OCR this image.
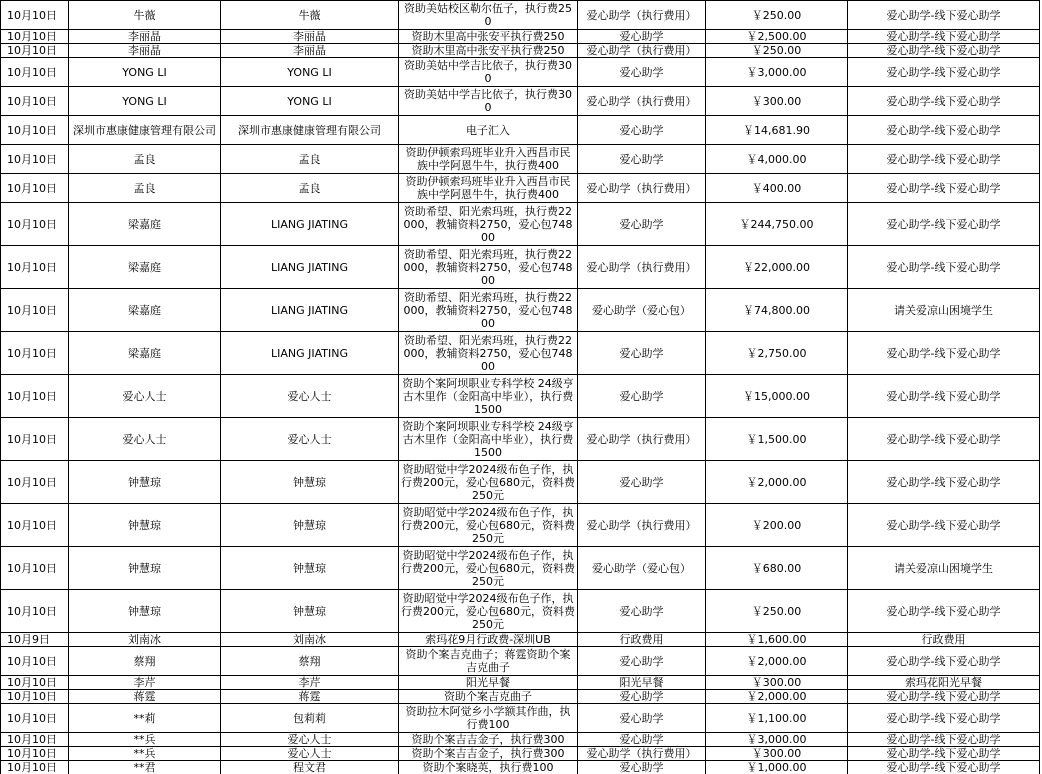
10月10日	牛薇	牛薇	资助美姑校区勒尔伍子，执行费250	爱心助学（执行费用）	￥250.00	爱心助学-线下爱心助学
10月10日	李丽晶	李丽晶	资助木里高中张安平执行费250	爱心助学	￥2,500.00	爱心助学-线下爱心助学
10月10日	李丽晶	李丽晶	资助木里高中张安平执行费250	爱心助学（执行费用）	￥250.00	爱心助学-线下爱心助学
10月10日	YONG LI	YONG LI	资助美姑中学吉比依子，执行费300	爱心助学	￥3,000.00	爱心助学-线下爱心助学
10月10日	YONG LI	YONG LI	资助美姑中学吉比依子，执行费300	爱心助学（执行费用）	￥300.00	爱心助学-线下爱心助学
10月10日	深圳市惠康健康管理有限公司	深圳市惠康健康管理有限公司	电子汇入	爱心助学	￥14,681.90	爱心助学-线下爱心助学
10月10日	孟良	孟良	资助伊顿索玛班毕业升入西昌市民族中学阿恩牛牛，执行费400	爱心助学	￥4,000.00	爱心助学-线下爱心助学
10月10日	孟良	孟良	资助伊顿索玛班毕业升入西昌市民族中学阿恩牛牛，执行费400	爱心助学（执行费用）	￥400.00	爱心助学-线下爱心助学
10月10日	梁嘉庭	LIANG JIATING	资助希望、阳光索玛班，执行费22000，教辅资料2750，爱心包74800	爱心助学	￥244,750.00	爱心助学-线下爱心助学
10月10日	梁嘉庭	LIANG JIATING	资助希望、阳光索玛班，执行费22000，教辅资料2750，爱心包74800	爱心助学（执行费用）	￥22,000.00	爱心助学-线下爱心助学
10月10日	梁嘉庭	LIANG JIATING	资助希望、阳光索玛班，执行费22000，教辅资料2750，爱心包74800	爱心助学（爱心包）	￥74,800.00	请关爱凉山困境学生
10月10日	梁嘉庭	LIANG JIATING	资助希望、阳光索玛班，执行费22000，教辅资料2750，爱心包74800	爱心助学	￥2,750.00	爱心助学-线下爱心助学
10月10日	爱心人士	爱心人士	资助个案阿坝职业专科学校 24级亨古木里作（金阳高中毕业），执行费1500	爱心助学	￥15,000.00	爱心助学-线下爱心助学
10月10日	爱心人士	爱心人士	资助个案阿坝职业专科学校 24级亨古木里作（金阳高中毕业），执行费1500	爱心助学（执行费用）	￥1,500.00	爱心助学-线下爱心助学
10月10日	钟慧琼	钟慧琼	资助昭觉中学2024级布色子作，执行费200元，爱心包680元，资料费250元	爱心助学	￥2,000.00	爱心助学-线下爱心助学
10月10日	钟慧琼	钟慧琼	资助昭觉中学2024级布色子作，执行费200元，爱心包680元，资料费250元	爱心助学（执行费用）	￥200.00	爱心助学-线下爱心助学
10月10日	钟慧琼	钟慧琼	资助昭觉中学2024级布色子作，执行费200元，爱心包680元，资料费250元	爱心助学（爱心包）	￥680.00	请关爱凉山困境学生
10月10日	钟慧琼	钟慧琼	资助昭觉中学2024级布色子作，执行费200元，爱心包680元，资料费250元	爱心助学	￥250.00	爱心助学-线下爱心助学
10月9日	刘南冰	刘南冰	索玛花9月行政费-深圳UB	行政费用	￥1,600.00	行政费用
10月10日	蔡翔	蔡翔	资助个案吉克曲子；蒋霆资助个案吉克曲子	爱心助学	￥2,000.00	爱心助学-线下爱心助学
10月10日	李芹	李芹	阳光早餐	阳光早餐	￥300.00	索玛花阳光早餐
10月10日	蒋霆	蒋霆	资助个案吉克曲子	爱心助学	￥2,000.00	爱心助学-线下爱心助学
10月10日	**莉	包莉莉	资助拉木阿觉乡小学额其作曲，执行费100	爱心助学	￥1,100.00	爱心助学-线下爱心助学
10月10日	**兵	爱心人士	资助个案吉吉金子，执行费300	爱心助学	￥3,000.00	爱心助学-线下爱心助学
10月10日	**兵	爱心人士	资助个案吉吉金子，执行费300	爱心助学（执行费用）	￥300.00	爱心助学-线下爱心助学
10月10日	**君	程文君	资助个案晓英，执行费100	爱心助学	￥1,000.00	爱心助学-线下爱心助学
